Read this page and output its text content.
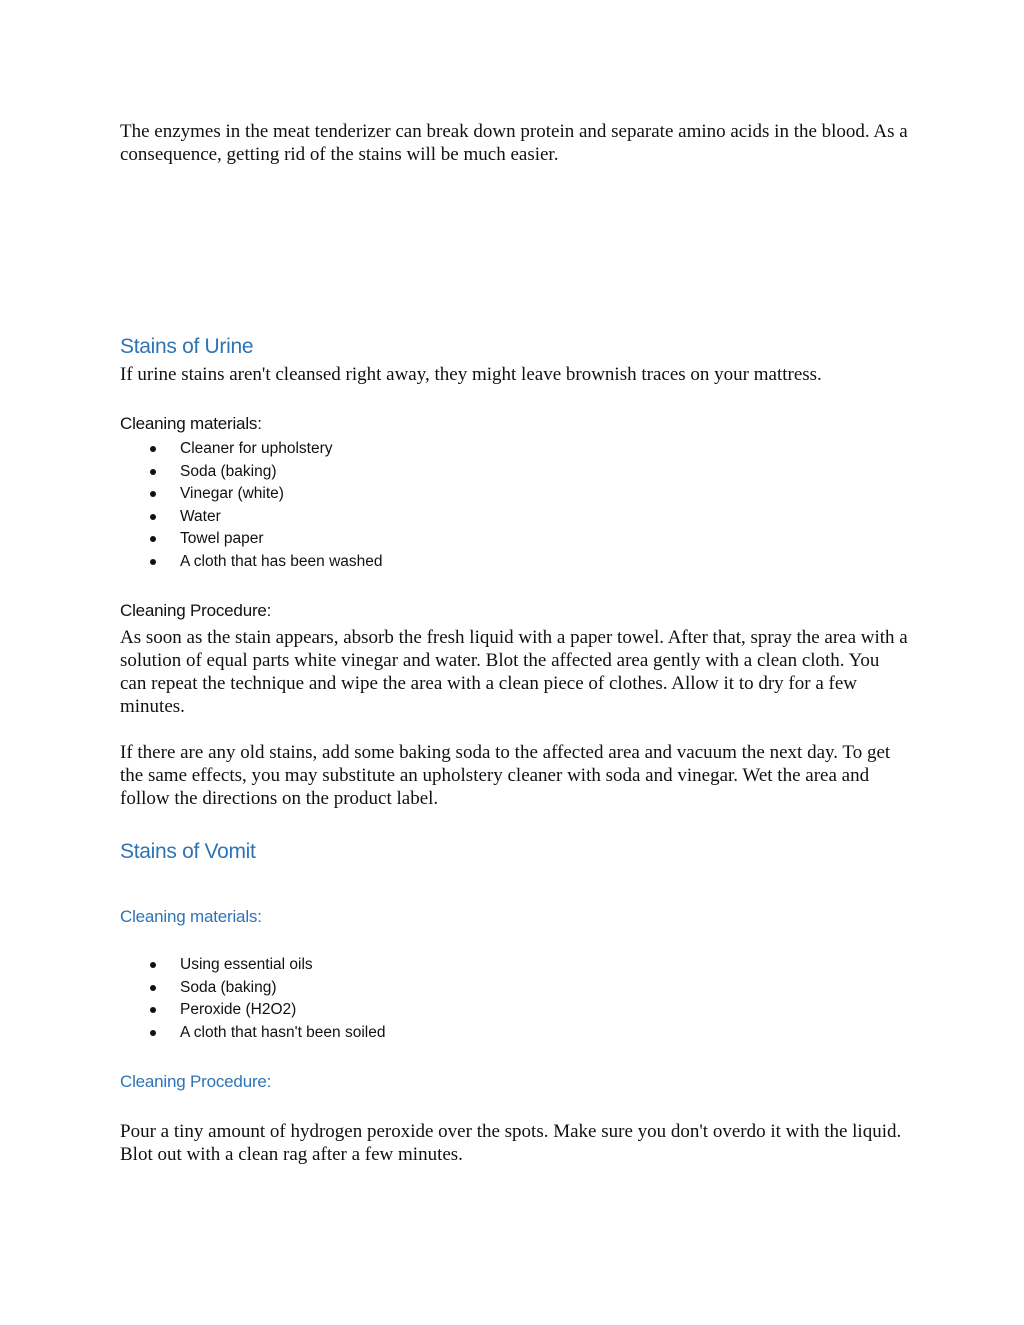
The enzymes in the meat tenderizer can break down protein and separate amino acids in the blood. As a consequence, getting rid of the stains will be much easier.

Stains of Urine

If urine stains aren't cleansed right away, they might leave brownish traces on your mattress.

Cleaning materials:
Cleaner for upholstery
Soda (baking)
Vinegar (white)
Water
Towel paper
A cloth that has been washed
Cleaning Procedure:

As soon as the stain appears, absorb the fresh liquid with a paper towel. After that, spray the area with a solution of equal parts white vinegar and water. Blot the affected area gently with a clean cloth. You can repeat the technique and wipe the area with a clean piece of clothes. Allow it to dry for a few minutes.

If there are any old stains, add some baking soda to the affected area and vacuum the next day. To get the same effects, you may substitute an upholstery cleaner with soda and vinegar. Wet the area and follow the directions on the product label.

Stains of Vomit
Cleaning materials:
Using essential oils
Soda (baking)
Peroxide (H2O2)
A cloth that hasn't been soiled
Cleaning Procedure:

Pour a tiny amount of hydrogen peroxide over the spots. Make sure you don't overdo it with the liquid. Blot out with a clean rag after a few minutes.
